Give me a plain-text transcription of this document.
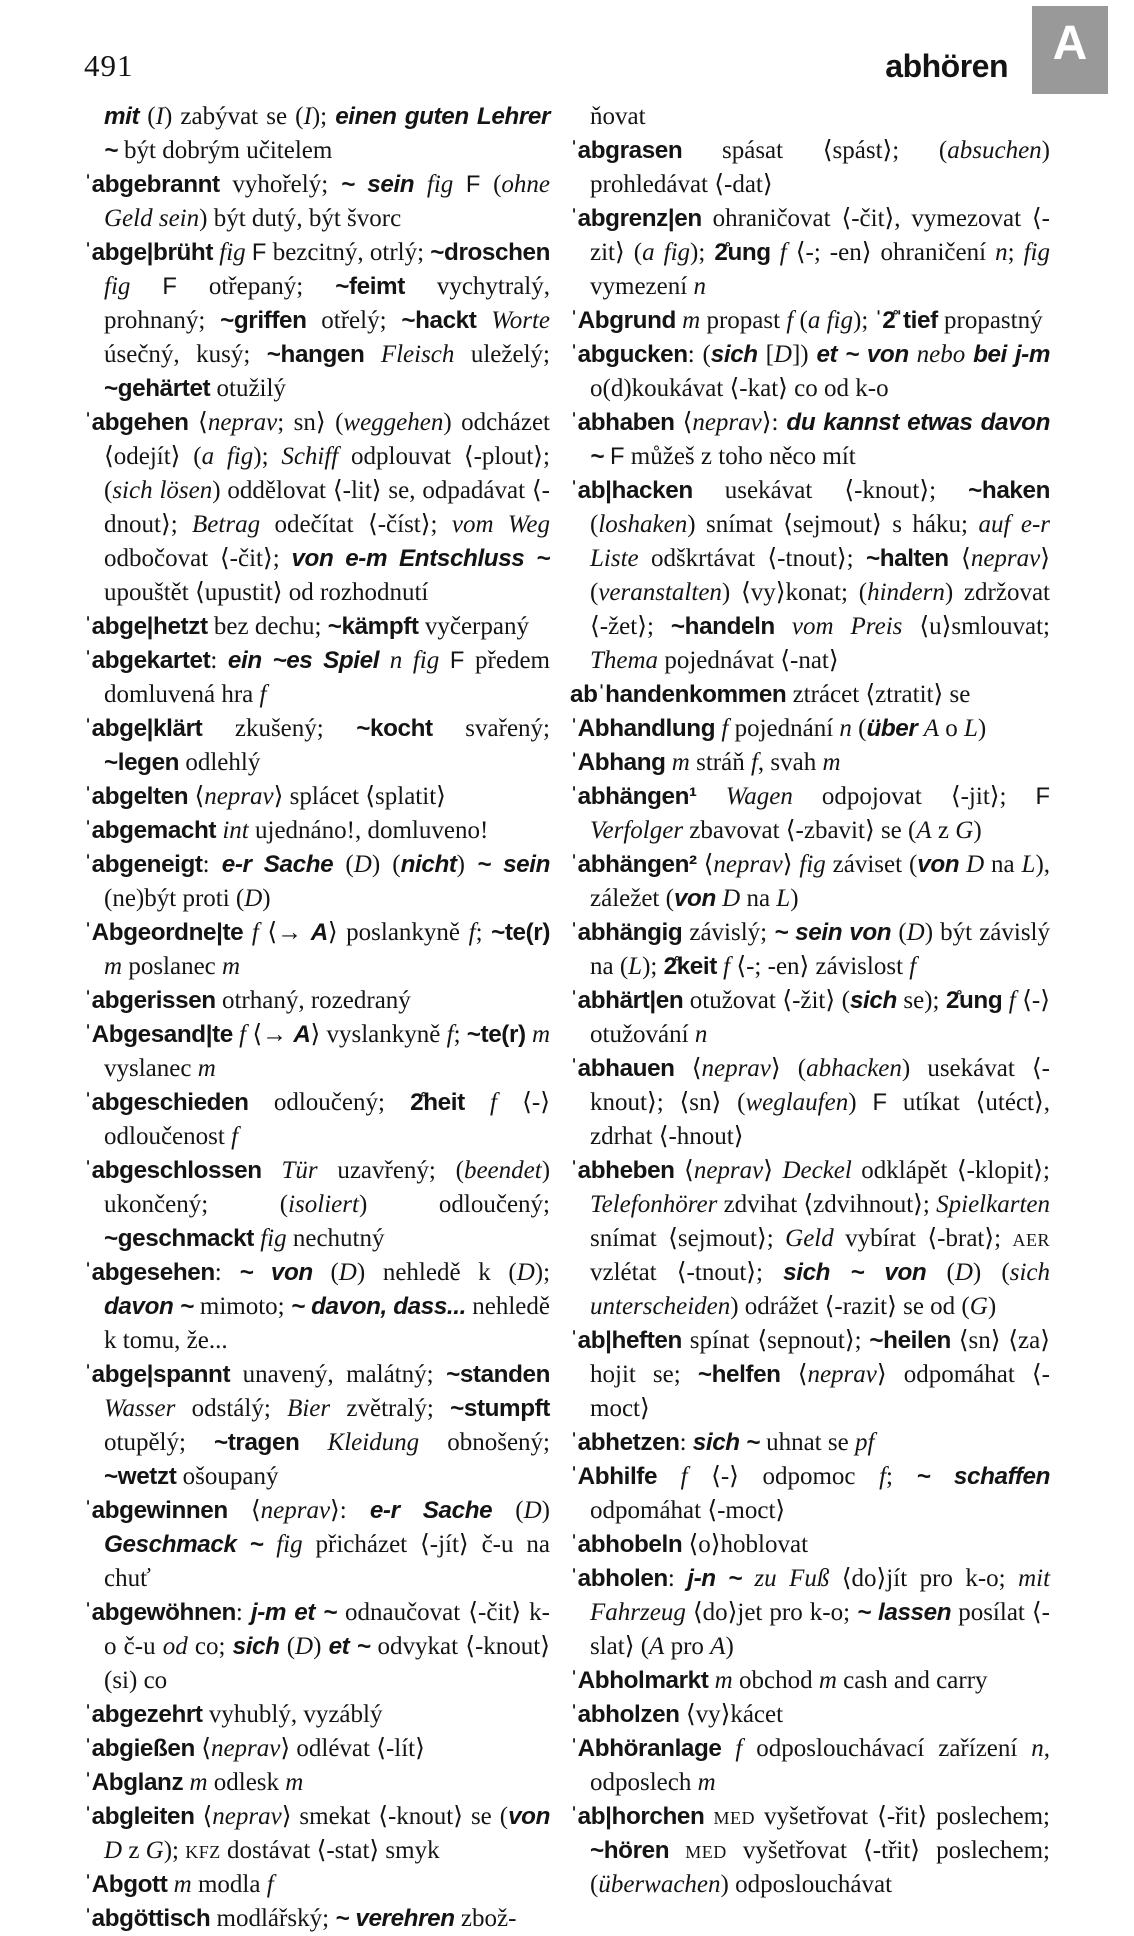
491	abhören A

mit (I) zabývat se (I); einen guten Lehrer ~ být dobrým učitelem

ˈabgebrannt vyhořelý; ~ sein fig F (ohne Geld sein) být dutý, být švorc

ˈabge|brüht fig F bezcitný, otrlý; ~droschen fig F otřepaný; ~feimt vychytralý, prohnaný; ~griffen otřelý; ~hackt Worte úsečný, kusý; ~hangen Fleisch uleželý; ~gehärtet otužilý

ˈabgehen ⟨neprav; sn⟩ (weggehen) odcházet ⟨odejít⟩ (a fig); Schiff odplouvat ⟨-plout⟩; (sich lösen) oddělovat ⟨-lit⟩ se, odpadávat ⟨-dnout⟩; Betrag odečítat ⟨-číst⟩; vom Weg odbočovat ⟨-čit⟩; von e-m Entschluss ~ upouštět ⟨upustit⟩ od rozhodnutí

ˈabge|hetzt bez dechu; ~kämpft vyčerpaný

ˈabgekartet: ein ~es Spiel n fig F předem domluvená hra f

ˈabge|klärt zkušený; ~kocht svařený; ~legen odlehlý

ˈabgelten ⟨neprav⟩ splácet ⟨splatit⟩

ˈabgemacht int ujednáno!, domluveno!

ˈabgeneigt: e-r Sache (D) (nicht) ~ sein (ne)být proti (D)

ˈAbgeordne|te f ⟨→ A⟩ poslankyně f; ~te(r) m poslanec m

ˈabgerissen otrhaný, rozedraný

ˈAbgesand|te f ⟨→ A⟩ vyslankyně f; ~te(r) m vyslanec m

ˈabgeschieden odloučený; 2̊heit f ⟨-⟩ odloučenost f

ˈabgeschlossen Tür uzavřený; (beendet) ukončený; (isoliert) odloučený; ~geschmackt fig nechutný

ˈabgesehen: ~ von (D) nehledě k (D); davon ~ mimoto; ~ davon, dass... nehledě k tomu, že...

ˈabge|spannt unavený, malátný; ~standen Wasser odstálý; Bier zvětralý; ~stumpft otupělý; ~tragen Kleidung obnošený; ~wetzt ošoupaný

ˈabgewinnen ⟨neprav⟩: e-r Sache (D) Geschmack ~ fig přicházet ⟨-jít⟩ č-u na chuť

ˈabgewöhnen: j-m et ~ odnaučovat ⟨-čit⟩ k-o č-u od co; sich (D) et ~ odvykat ⟨-knout⟩ (si) co

ˈabgezehrt vyhublý, vyzáblý

ˈabgießen ⟨neprav⟩ odlévat ⟨-lít⟩

ˈAbglanz m odlesk m

ˈabgleiten ⟨neprav⟩ smekat ⟨-knout⟩ se (von D z G); kfz dostávat ⟨-stat⟩ smyk

ˈAbgott m modla f

ˈabgöttisch modlářský; ~ verehren zbož-

ňovat

ˈabgrasen spásat ⟨spást⟩; (absuchen) prohledávat ⟨-dat⟩

ˈabgrenz|en ohraničovat ⟨-čit⟩, vymezovat ⟨-zit⟩ (a fig); 2̊ung f ⟨-; -en⟩ ohraničení n; fig vymezení n

ˈAbgrund m propast f (a fig); ˈ2̊ˈtief propastný

ˈabgucken: (sich [D]) et ~ von nebo bei j-m o(d)koukávat ⟨-kat⟩ co od k-o

ˈabhaben ⟨neprav⟩: du kannst etwas davon ~ F můžeš z toho něco mít

ˈab|hacken usekávat ⟨-knout⟩; ~haken (loshaken) snímat ⟨sejmout⟩ s háku; auf e-r Liste odškrtávat ⟨-tnout⟩; ~halten ⟨neprav⟩ (veranstalten) ⟨vy⟩konat; (hindern) zdržovat ⟨-žet⟩; ~handeln vom Preis ⟨u⟩smlouvat; Thema pojednávat ⟨-nat⟩

abˈhandenkommen ztrácet ⟨ztratit⟩ se

ˈAbhandlung f pojednání n (über A o L)

ˈAbhang m stráň f, svah m

ˈabhängen¹ Wagen odpojovat ⟨-jit⟩; F Verfolger zbavovat ⟨-zbavit⟩ se (A z G)

ˈabhängen² ⟨neprav⟩ fig záviset (von D na L), záležet (von D na L)

ˈabhängig závislý; ~ sein von (D) být závislý na (L); 2̊keit f ⟨-; -en⟩ závislost f

ˈabhärt|en otužovat ⟨-žit⟩ (sich se); 2̊ung f ⟨-⟩ otužování n

ˈabhauen ⟨neprav⟩ (abhacken) usekávat ⟨-knout⟩; ⟨sn⟩ (weglaufen) F utíkat ⟨utéct⟩, zdrhat ⟨-hnout⟩

ˈabheben ⟨neprav⟩ Deckel odklápět ⟨-klopit⟩; Telefonhörer zdvihat ⟨zdvihnout⟩; Spielkarten snímat ⟨sejmout⟩; Geld vybírat ⟨-brat⟩; aer vzlétat ⟨-tnout⟩; sich ~ von (D) (sich unterscheiden) odrážet ⟨-razit⟩ se od (G)

ˈab|heften spínat ⟨sepnout⟩; ~heilen ⟨sn⟩ ⟨za⟩hojit se; ~helfen ⟨neprav⟩ odpomáhat ⟨-moct⟩

ˈabhetzen: sich ~ uhnat se pf

ˈAbhilfe f ⟨-⟩ odpomoc f; ~ schaffen odpomáhat ⟨-moct⟩

ˈabhobeln ⟨o⟩hoblovat

ˈabholen: j-n ~ zu Fuß ⟨do⟩jít pro k-o; mit Fahrzeug ⟨do⟩jet pro k-o; ~ lassen posílat ⟨-slat⟩ (A pro A)

ˈAbholmarkt m obchod m cash and carry

ˈabholzen ⟨vy⟩kácet

ˈAbhöranlage f odposlouchávací zařízení n, odposlech m

ˈab|horchen med vyšetřovat ⟨-řit⟩ poslechem; ~hören med vyšetřovat ⟨-třit⟩ poslechem; (überwachen) odposlouchávat
